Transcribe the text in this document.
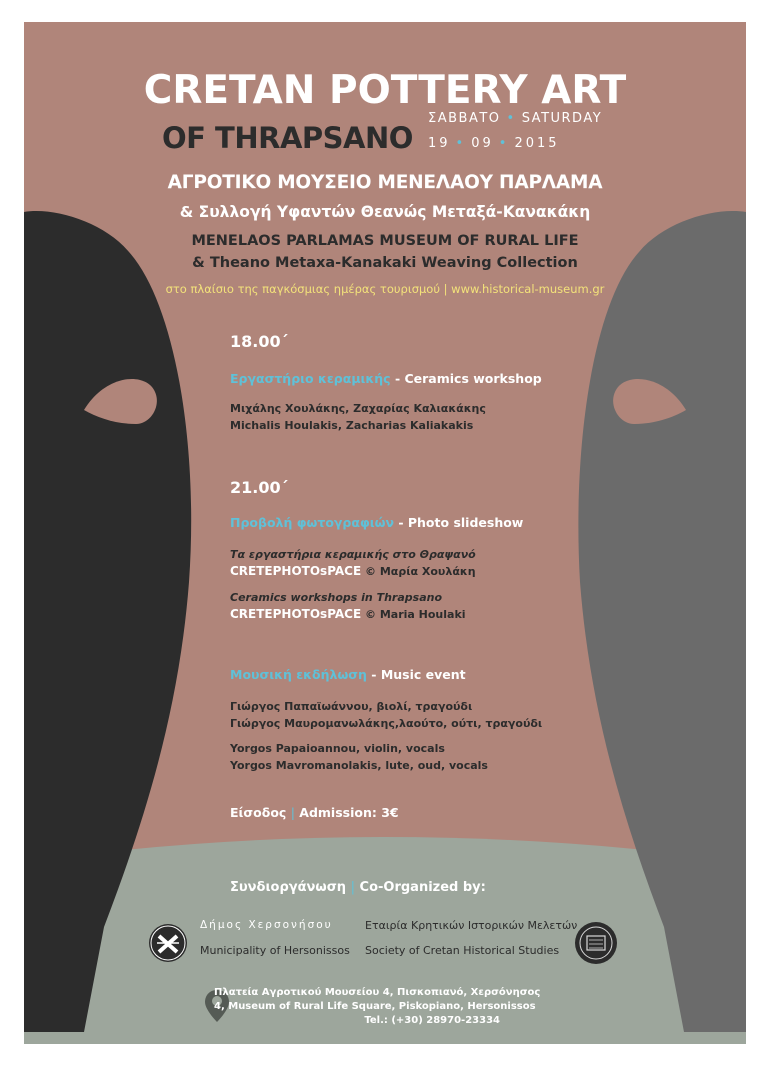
CRETAN POTTERY ART
OF THRAPSANO
ΣΑΒΒΑΤΟ • SATURDAY
19 • 09 • 2015
ΑΓΡΟΤΙΚΟ ΜΟΥΣΕΙΟ ΜΕΝΕΛΑΟΥ ΠΑΡΛΑΜΑ
& Συλλογή Υφαντών Θεανώς Μεταξά-Κανακάκη
MENELAOS PARLAMAS MUSEUM OF RURAL LIFE
& Theano Metaxa-Kanakaki Weaving Collection
στο πλαίσιο της παγκόσμιας ημέρας τουρισμού | www.historical-museum.gr
18.00΄
Εργαστήριο κεραμικής - Ceramics workshop
Μιχάλης Χουλάκης, Ζαχαρίας Καλιακάκης
Michalis Houlakis, Zacharias Kaliakakis
21.00΄
Προβολή φωτογραφιών - Photo slideshow
Τα εργαστήρια κεραμικής στο Θραψανό
CRETEPHOTOsPACE © Μαρία Χουλάκη
Ceramics workshops in Thrapsano
CRETEPHOTOsPACE © Maria Houlaki
Μουσική εκδήλωση - Music event
Γιώργος Παπαϊωάννου, βιολί, τραγούδι
Γιώργος Μαυρομανωλάκης,λαούτο, ούτι, τραγούδι
Yorgos Papaioannou, violin, vocals
Yorgos Mavromanolakis, lute, oud, vocals
Είσοδος | Admission: 3€
Συνδιοργάνωση | Co-Organized by:
Δήμος Χερσονήσου
Municipality of Hersonissos
Εταιρία Κρητικών Ιστορικών Μελετών
Society of Cretan Historical Studies
Πλατεία Αγροτικού Μουσείου 4, Πισκοπιανό, Χερσόνησος
4, Museum of Rural Life Square, Piskopiano, Hersonissos
Tel.: (+30) 28970-23334
